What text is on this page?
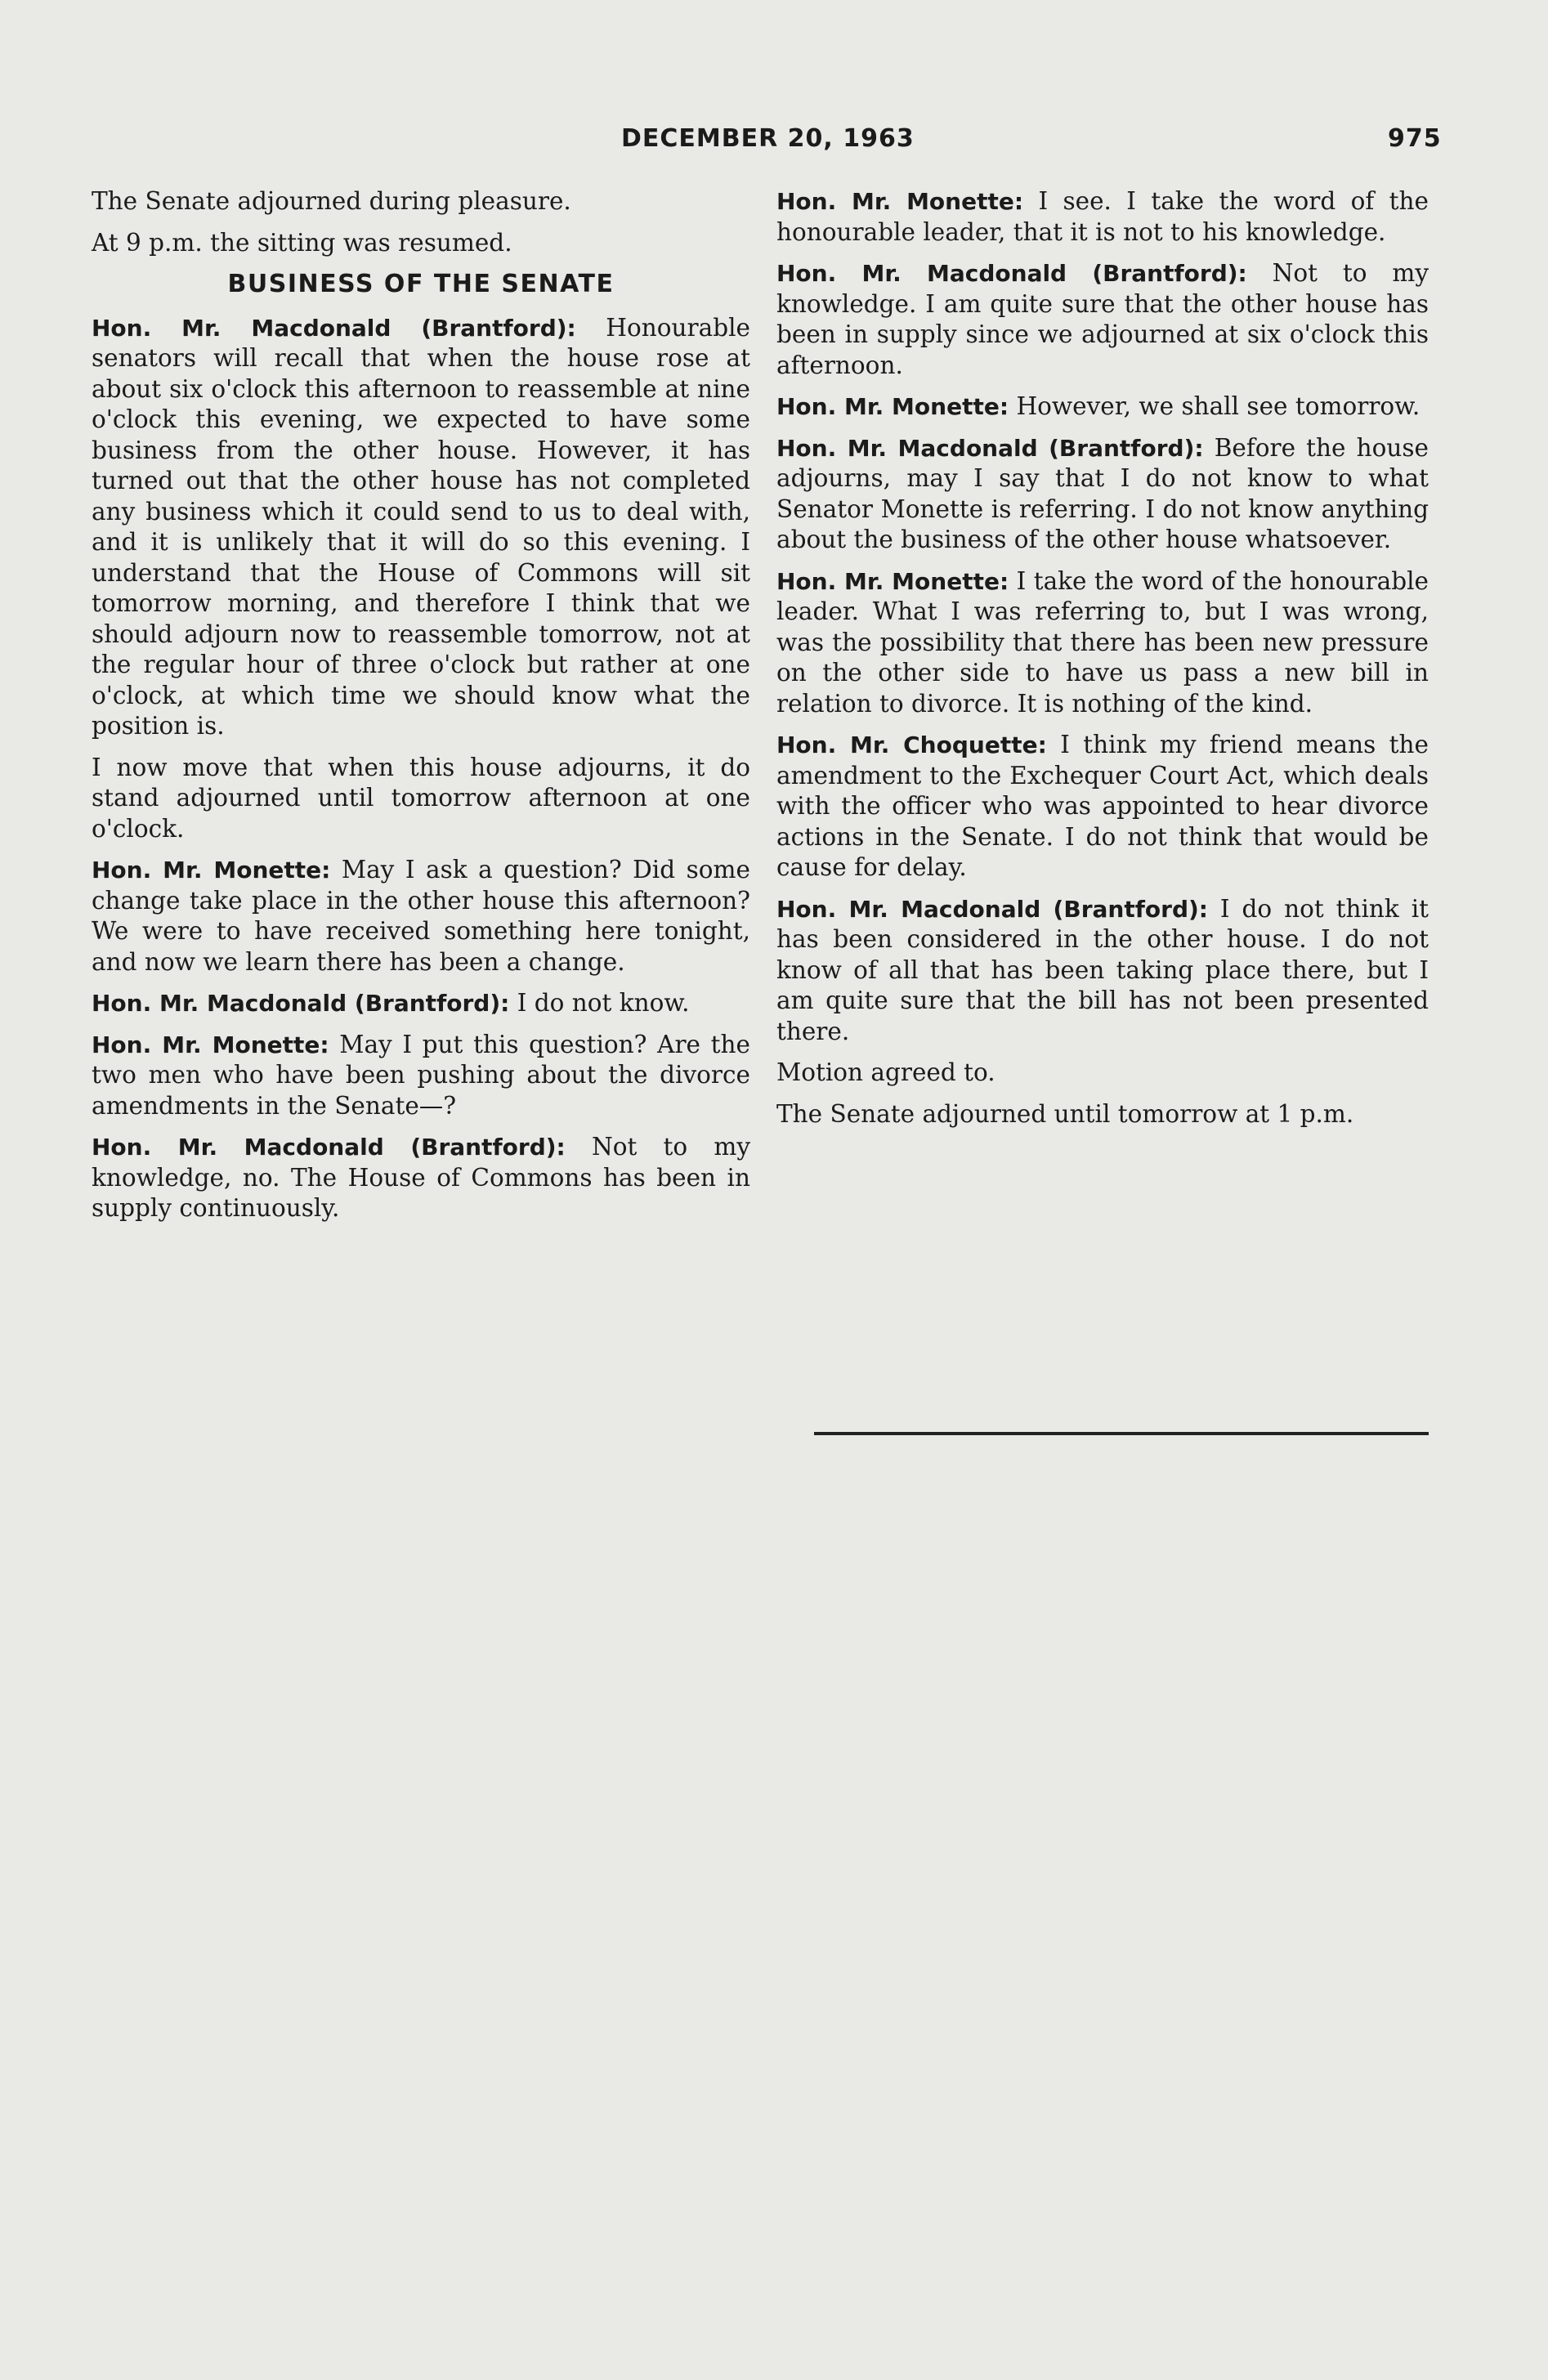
DECEMBER 20, 1963	975

The Senate adjourned during pleasure.

At 9 p.m. the sitting was resumed.

BUSINESS OF THE SENATE

Hon. Mr. Macdonald (Brantford): Honourable senators will recall that when the house rose at about six o'clock this afternoon to reassemble at nine o'clock this evening, we expected to have some business from the other house. However, it has turned out that the other house has not completed any business which it could send to us to deal with, and it is unlikely that it will do so this evening. I understand that the House of Commons will sit tomorrow morning, and therefore I think that we should adjourn now to reassemble tomorrow, not at the regular hour of three o'clock but rather at one o'clock, at which time we should know what the position is.

I now move that when this house adjourns, it do stand adjourned until tomorrow afternoon at one o'clock.

Hon. Mr. Monette: May I ask a question? Did some change take place in the other house this afternoon? We were to have received something here tonight, and now we learn there has been a change.

Hon. Mr. Macdonald (Brantford): I do not know.

Hon. Mr. Monette: May I put this question? Are the two men who have been pushing about the divorce amendments in the Senate—?

Hon. Mr. Macdonald (Brantford): Not to my knowledge, no. The House of Commons has been in supply continuously.

Hon. Mr. Monette: I see. I take the word of the honourable leader, that it is not to his knowledge.

Hon. Mr. Macdonald (Brantford): Not to my knowledge. I am quite sure that the other house has been in supply since we adjourned at six o'clock this afternoon.

Hon. Mr. Monette: However, we shall see tomorrow.

Hon. Mr. Macdonald (Brantford): Before the house adjourns, may I say that I do not know to what Senator Monette is referring. I do not know anything about the business of the other house whatsoever.

Hon. Mr. Monette: I take the word of the honourable leader. What I was referring to, but I was wrong, was the possibility that there has been new pressure on the other side to have us pass a new bill in relation to divorce. It is nothing of the kind.

Hon. Mr. Choquette: I think my friend means the amendment to the Exchequer Court Act, which deals with the officer who was appointed to hear divorce actions in the Senate. I do not think that would be cause for delay.

Hon. Mr. Macdonald (Brantford): I do not think it has been considered in the other house. I do not know of all that has been taking place there, but I am quite sure that the bill has not been presented there.

Motion agreed to.

The Senate adjourned until tomorrow at 1 p.m.
